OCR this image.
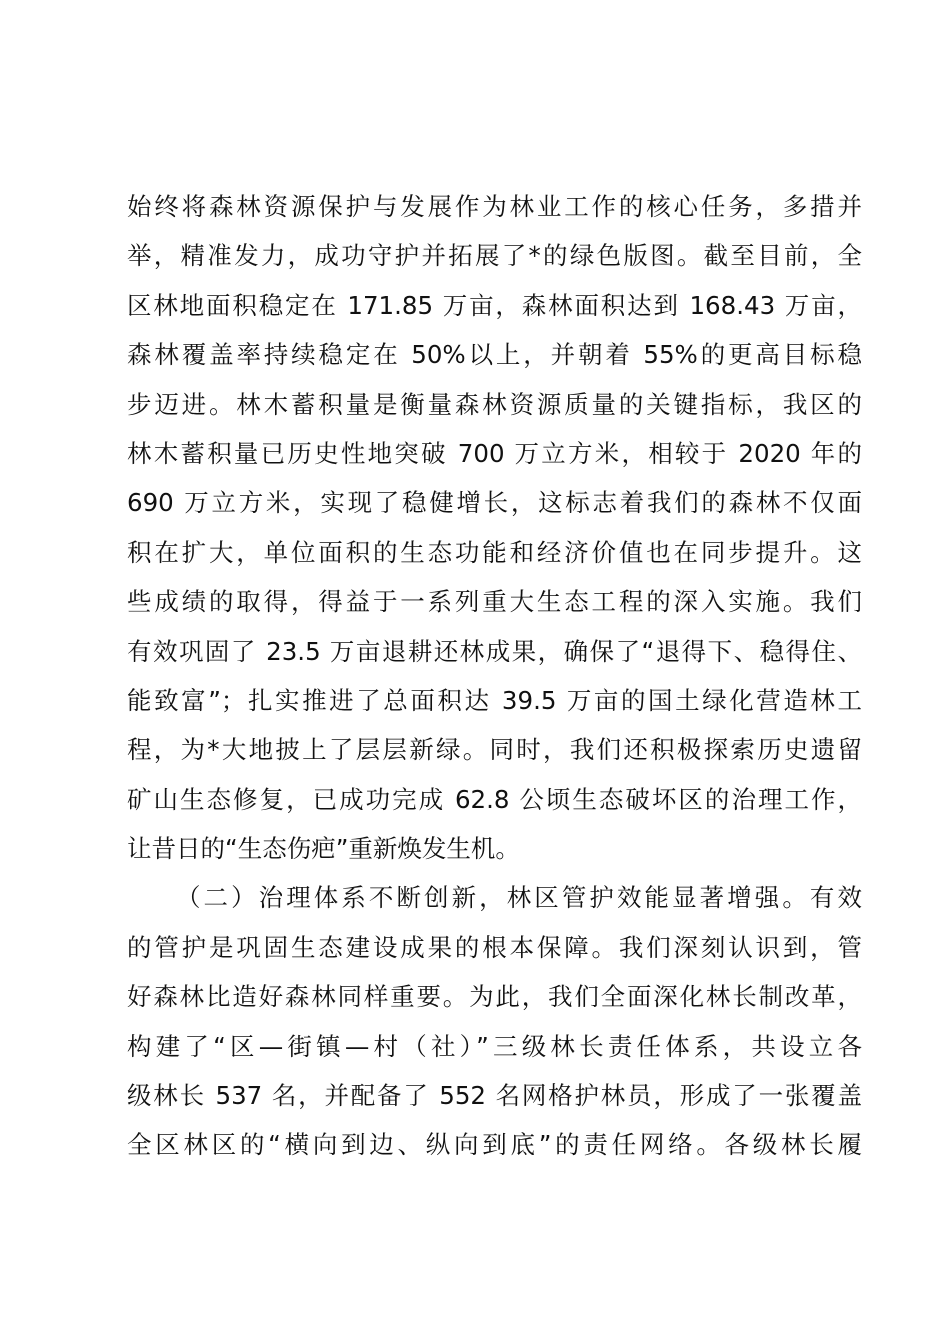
始终将森林资源保护与发展作为林业工作的核心任务，多措并
举，精准发力，成功守护并拓展了*的绿色版图。截至目前，全
区林地面积稳定在 171.85 万亩，森林面积达到 168.43 万亩，
森林覆盖率持续稳定在 50%以上，并朝着 55%的更高目标稳
步迈进。林木蓄积量是衡量森林资源质量的关键指标，我区的
林木蓄积量已历史性地突破 700 万立方米，相较于 2020 年的
690 万立方米，实现了稳健增长，这标志着我们的森林不仅面
积在扩大，单位面积的生态功能和经济价值也在同步提升。这
些成绩的取得，得益于一系列重大生态工程的深入实施。我们
有效巩固了 23.5 万亩退耕还林成果，确保了“退得下、稳得住、
能致富”；扎实推进了总面积达 39.5 万亩的国土绿化营造林工
程，为*大地披上了层层新绿。同时，我们还积极探索历史遗留
矿山生态修复，已成功完成 62.8 公顷生态破坏区的治理工作，
让昔日的“生态伤疤”重新焕发生机。
（二）治理体系不断创新，林区管护效能显著增强。有效
的管护是巩固生态建设成果的根本保障。我们深刻认识到，管
好森林比造好森林同样重要。为此，我们全面深化林长制改革，
构建了“区—街镇—村（社）”三级林长责任体系，共设立各
级林长 537 名，并配备了 552 名网格护林员，形成了一张覆盖
全区林区的“横向到边、纵向到底”的责任网络。各级林长履
